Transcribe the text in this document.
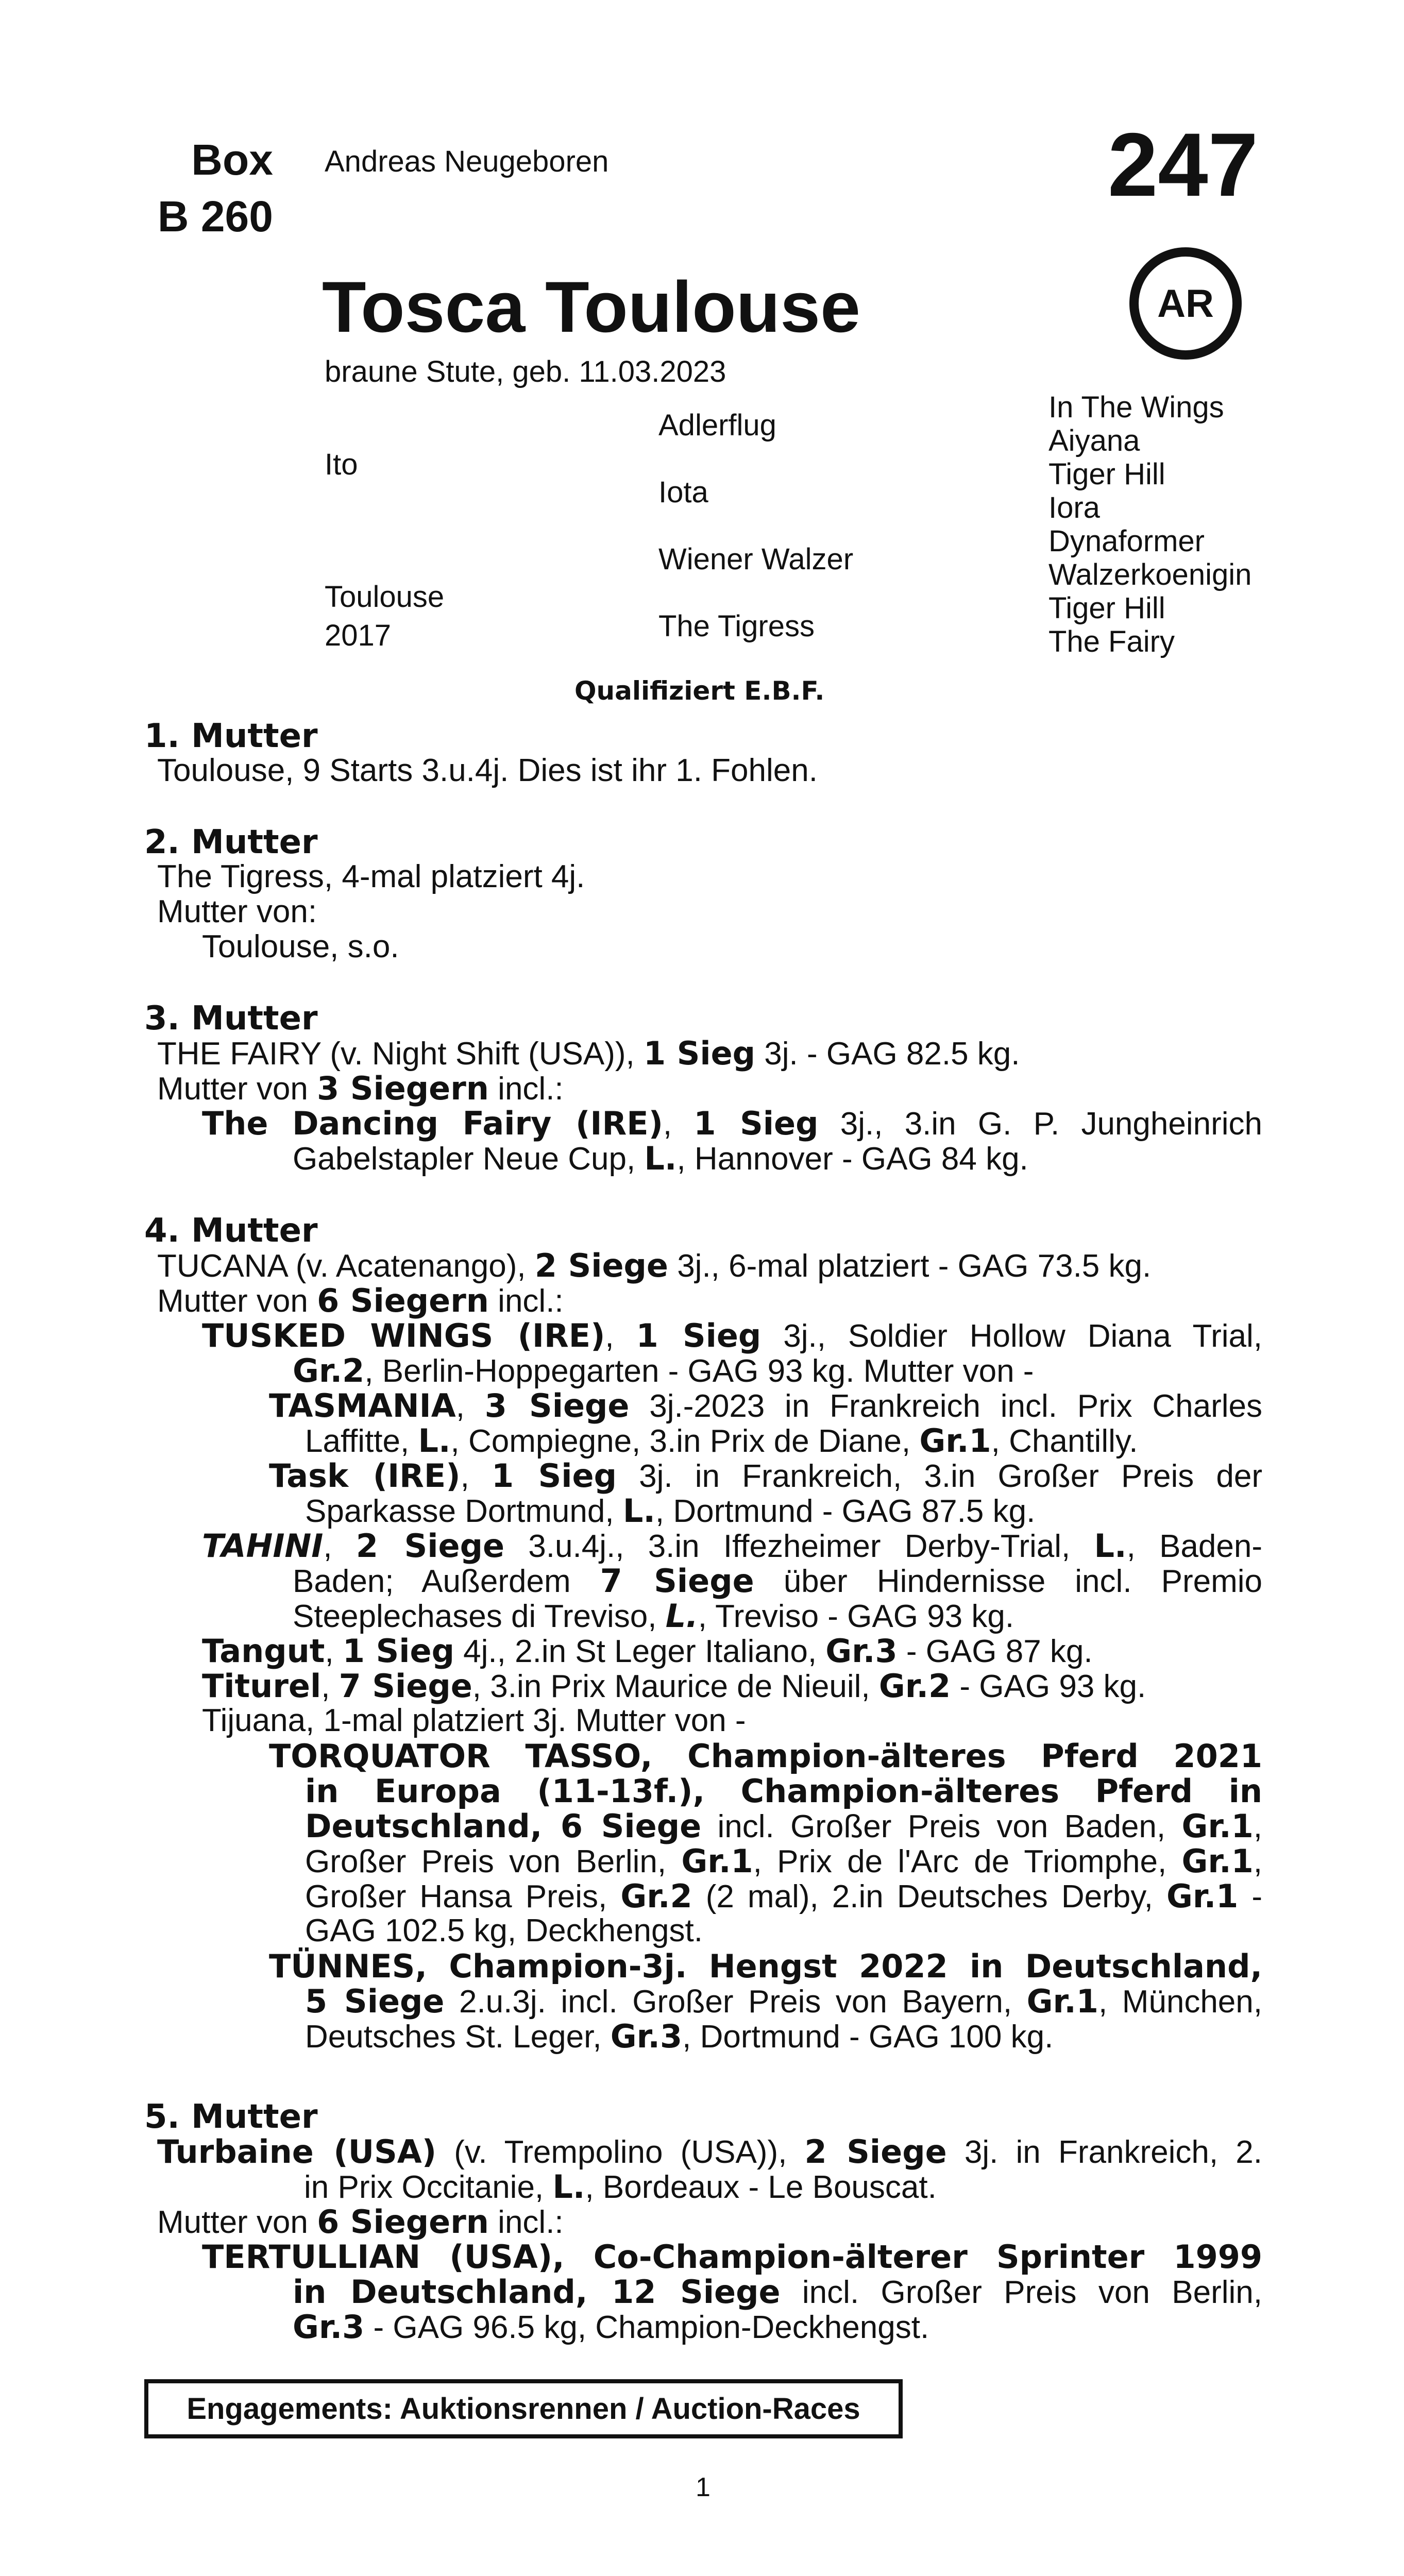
Box
B 260
Andreas Neugeboren	247
AR
Tosca Toulouse
braune Stute, geb. 11.03.2023
Ito
Toulouse
2017
Adlerflug
Iota
Wiener Walzer
The Tigress
In The Wings
Aiyana
Tiger Hill
Iora
Dynaformer
Walzerkoenigin
Tiger Hill
The Fairy
Qualifiziert E.B.F.
1. Mutter
Toulouse, 9 Starts 3.u.4j. Dies ist ihr 1. Fohlen.
2. Mutter
The Tigress, 4-mal platziert 4j.
Mutter von:
Toulouse, s.o.
3. Mutter
THE FAIRY (v. Night Shift (USA)), 1 Sieg 3j. - GAG 82.5 kg.
Mutter von 3 Siegern incl.:
The Dancing Fairy (IRE), 1 Sieg 3j., 3.in G. P. Jungheinrich
Gabelstapler Neue Cup, L., Hannover - GAG 84 kg.
4. Mutter
TUCANA (v. Acatenango), 2 Siege 3j., 6-mal platziert - GAG 73.5 kg.
Mutter von 6 Siegern incl.:
TUSKED WINGS (IRE), 1 Sieg 3j., Soldier Hollow Diana Trial,
Gr.2, Berlin-Hoppegarten - GAG 93 kg. Mutter von -
TASMANIA, 3 Siege 3j.-2023 in Frankreich incl. Prix Charles
Laffitte, L., Compiegne, 3.in Prix de Diane, Gr.1, Chantilly.
Task (IRE), 1 Sieg 3j. in Frankreich, 3.in Großer Preis der
Sparkasse Dortmund, L., Dortmund - GAG 87.5 kg.
TAHINI, 2 Siege 3.u.4j., 3.in Iffezheimer Derby-Trial, L., Baden-
Baden; Außerdem 7 Siege über Hindernisse incl. Premio
Steeplechases di Treviso, L., Treviso - GAG 93 kg.
Tangut, 1 Sieg 4j., 2.in St Leger Italiano, Gr.3 - GAG 87 kg.
Titurel, 7 Siege, 3.in Prix Maurice de Nieuil, Gr.2 - GAG 93 kg.
Tijuana, 1-mal platziert 3j. Mutter von -
TORQUATOR TASSO, Champion-älteres Pferd 2021
in Europa (11-13f.), Champion-älteres Pferd in
Deutschland, 6 Siege incl. Großer Preis von Baden, Gr.1,
Großer Preis von Berlin, Gr.1, Prix de l'Arc de Triomphe, Gr.1,
Großer Hansa Preis, Gr.2 (2 mal), 2.in Deutsches Derby, Gr.1 -
GAG 102.5 kg, Deckhengst.
TÜNNES, Champion-3j. Hengst 2022 in Deutschland,
5 Siege 2.u.3j. incl. Großer Preis von Bayern, Gr.1, München,
Deutsches St. Leger, Gr.3, Dortmund - GAG 100 kg.
5. Mutter
Turbaine (USA) (v. Trempolino (USA)), 2 Siege 3j. in Frankreich, 2.
in Prix Occitanie, L., Bordeaux - Le Bouscat.
Mutter von 6 Siegern incl.:
TERTULLIAN (USA), Co-Champion-älterer Sprinter 1999
in Deutschland, 12 Siege incl. Großer Preis von Berlin,
Gr.3 - GAG 96.5 kg, Champion-Deckhengst.
Engagements: Auktionsrennen / Auction-Races
1
